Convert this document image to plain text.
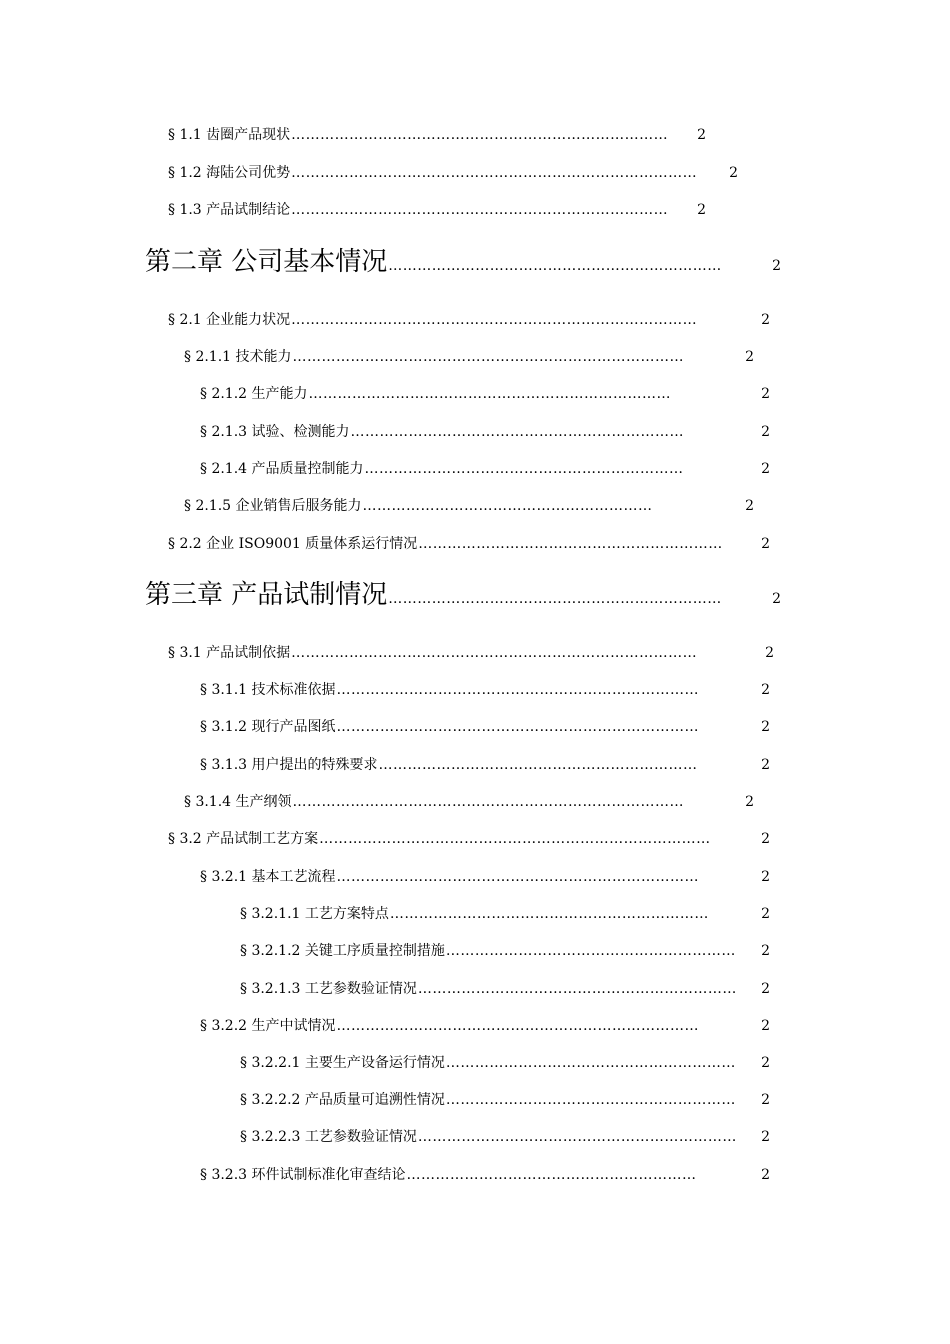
§ 1.1 齿圈产品现状 ……………………………………………………………………	2
§ 1.2 海陆公司优势 …………………………………………………………………………	2
§ 1.3 产品试制结论 ……………………………………………………………………	2
第二章 公司基本情况 ……………………………………………………………	2
§ 2.1 企业能力状况 …………………………………………………………………………	2
§ 2.1.1 技术能力 ………………………………………………………………………	2
§ 2.1.2 生产能力 …………………………………………………………………	2
§ 2.1.3 试验、检测能力 ……………………………………………………………	2
§ 2.1.4 产品质量控制能力 …………………………………………………………	2
§ 2.1.5 企业销售后服务能力 ……………………………………………………	2
§ 2.2 企业 ISO9001 质量体系运行情况 ………………………………………………………	2
第三章 产品试制情况 ……………………………………………………………	2
§ 3.1 产品试制依据 …………………………………………………………………………	2
§ 3.1.1 技术标准依据 …………………………………………………………………	2
§ 3.1.2 现行产品图纸 …………………………………………………………………	2
§ 3.1.3 用户提出的特殊要求 …………………………………………………………	2
§ 3.1.4 生产纲领 ………………………………………………………………………	2
§ 3.2 产品试制工艺方案 ………………………………………………………………………	2
§ 3.2.1 基本工艺流程 …………………………………………………………………	2
§ 3.2.1.1 工艺方案特点 …………………………………………………………	2
§ 3.2.1.2 关键工序质量控制措施 ……………………………………………………	2
§ 3.2.1.3 工艺参数验证情况 …………………………………………………………	2
§ 3.2.2 生产中试情况 …………………………………………………………………	2
§ 3.2.2.1 主要生产设备运行情况 ……………………………………………………	2
§ 3.2.2.2 产品质量可追溯性情况 ……………………………………………………	2
§ 3.2.2.3 工艺参数验证情况 …………………………………………………………	2
§ 3.2.3 环件试制标准化审查结论 ……………………………………………………	2
